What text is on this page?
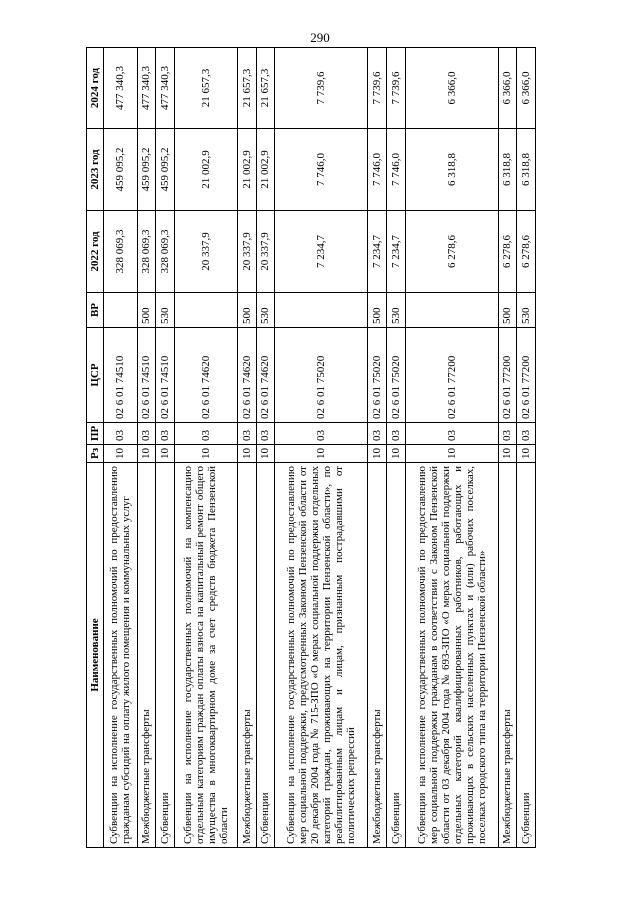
290
Наименование	Рз	ПР	ЦСР	ВР	2022 год	2023 год	2024 год
Субвенции на исполнение государственных полномочий по предоставлению гражданам субсидий на оплату жилого помещения и коммунальных услуг	10	03	02 6 01 74510		328 069,3	459 095,2	477 340,3
Межбюджетные трансферты	10	03	02 6 01 74510	500	328 069,3	459 095,2	477 340,3
Субвенции	10	03	02 6 01 74510	530	328 069,3	459 095,2	477 340,3
Субвенции на исполнение государственных полномочий на компенсацию отдельным категориям граждан оплаты взноса на капитальный ремонт общего имущества в многоквартирном доме за счет средств бюджета Пензенской области	10	03	02 6 01 74620		20 337,9	21 002,9	21 657,3
Межбюджетные трансферты	10	03	02 6 01 74620	500	20 337,9	21 002,9	21 657,3
Субвенции	10	03	02 6 01 74620	530	20 337,9	21 002,9	21 657,3
Субвенции на исполнение государственных полномочий по предоставлению мер социальной поддержки, предусмотренных Законом Пензенской области от 20 декабря 2004 года № 715-ЗПО «О мерах социальной поддержки отдельных категорий граждан, проживающих на территории Пензенской области», по реабилитированным лицам и лицам, признанным пострадавшими от политических репрессий	10	03	02 6 01 75020		7 234,7	7 746,0	7 739,6
Межбюджетные трансферты	10	03	02 6 01 75020	500	7 234,7	7 746,0	7 739,6
Субвенции	10	03	02 6 01 75020	530	7 234,7	7 746,0	7 739,6
Субвенции на исполнение государственных полномочий по предоставлению мер социальной поддержки гражданам в соответствии с Законом Пензенской области от 03 декабря 2004 года № 693-ЗПО «О мерах социальной поддержки отдельных категорий квалифицированных работников, работающих и проживающих в сельских населенных пунктах и (или) рабочих поселках, поселках городского типа на территории Пензенской области»	10	03	02 6 01 77200		6 278,6	6 318,8	6 366,0
Межбюджетные трансферты	10	03	02 6 01 77200	500	6 278,6	6 318,8	6 366,0
Субвенции	10	03	02 6 01 77200	530	6 278,6	6 318,8	6 366,0
